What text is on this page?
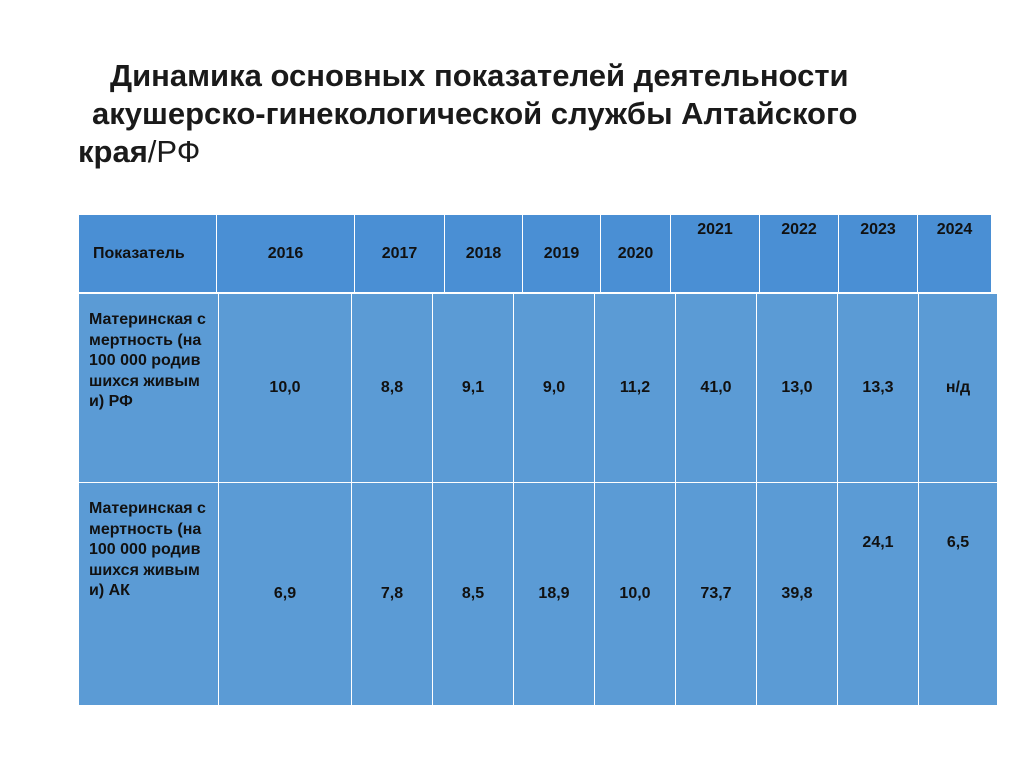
Динамика основных показателей деятельности
акушерско-гинекологической службы Алтайского
края/РФ
Показатель	2016	2017	2018	2019	2020	2021	2022	2023	2024
Материнская смертность (на 100 000 родившихся живыми) РФ	10,0	8,8	9,1	9,0	11,2	41,0	13,0	13,3	н/д
Материнская смертность (на 100 000 родившихся живыми) АК	6,9	7,8	8,5	18,9	10,0	73,7	39,8	24,1	6,5
